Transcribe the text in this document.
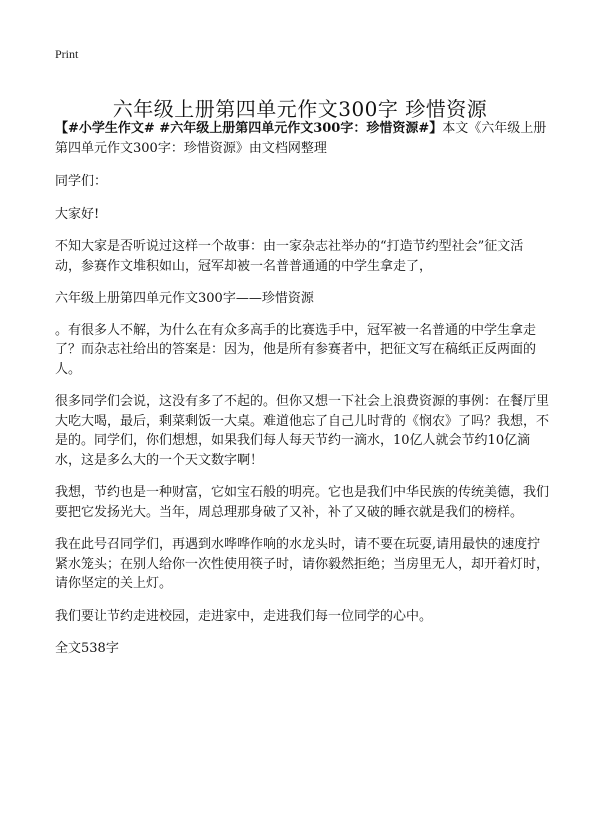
Print
六年级上册第四单元作文300字 珍惜资源

【#小学生作文# #六年级上册第四单元作文300字：珍惜资源#】本文《六年级上册第四单元作文300字：珍惜资源》由文档网整理

同学们：

大家好!

不知大家是否听说过这样一个故事：由一家杂志社举办的“打造节约型社会”征文活动，参赛作文堆积如山，冠军却被一名普普通通的中学生拿走了，

六年级上册第四单元作文300字——珍惜资源

。有很多人不解，为什么在有众多高手的比赛选手中，冠军被一名普通的中学生拿走了？而杂志社给出的答案是：因为，他是所有参赛者中，把征文写在稿纸正反两面的人。

很多同学们会说，这没有多了不起的。但你又想一下社会上浪费资源的事例：在餐厅里大吃大喝，最后，剩菜剩饭一大桌。难道他忘了自己儿时背的《悯农》了吗？我想，不是的。同学们，你们想想，如果我们每人每天节约一滴水，10亿人就会节约10亿滴水，这是多么大的一个天文数字啊！

我想，节约也是一种财富，它如宝石般的明亮。它也是我们中华民族的传统美德，我们要把它发扬光大。当年，周总理那身破了又补，补了又破的睡衣就是我们的榜样。

我在此号召同学们，再遇到水哗哗作响的水龙头时，请不要在玩耍,请用最快的速度拧紧水笼头；在别人给你一次性使用筷子时，请你毅然拒绝；当房里无人，却开着灯时，请你坚定的关上灯。

我们要让节约走进校园，走进家中，走进我们每一位同学的心中。

全文538字
